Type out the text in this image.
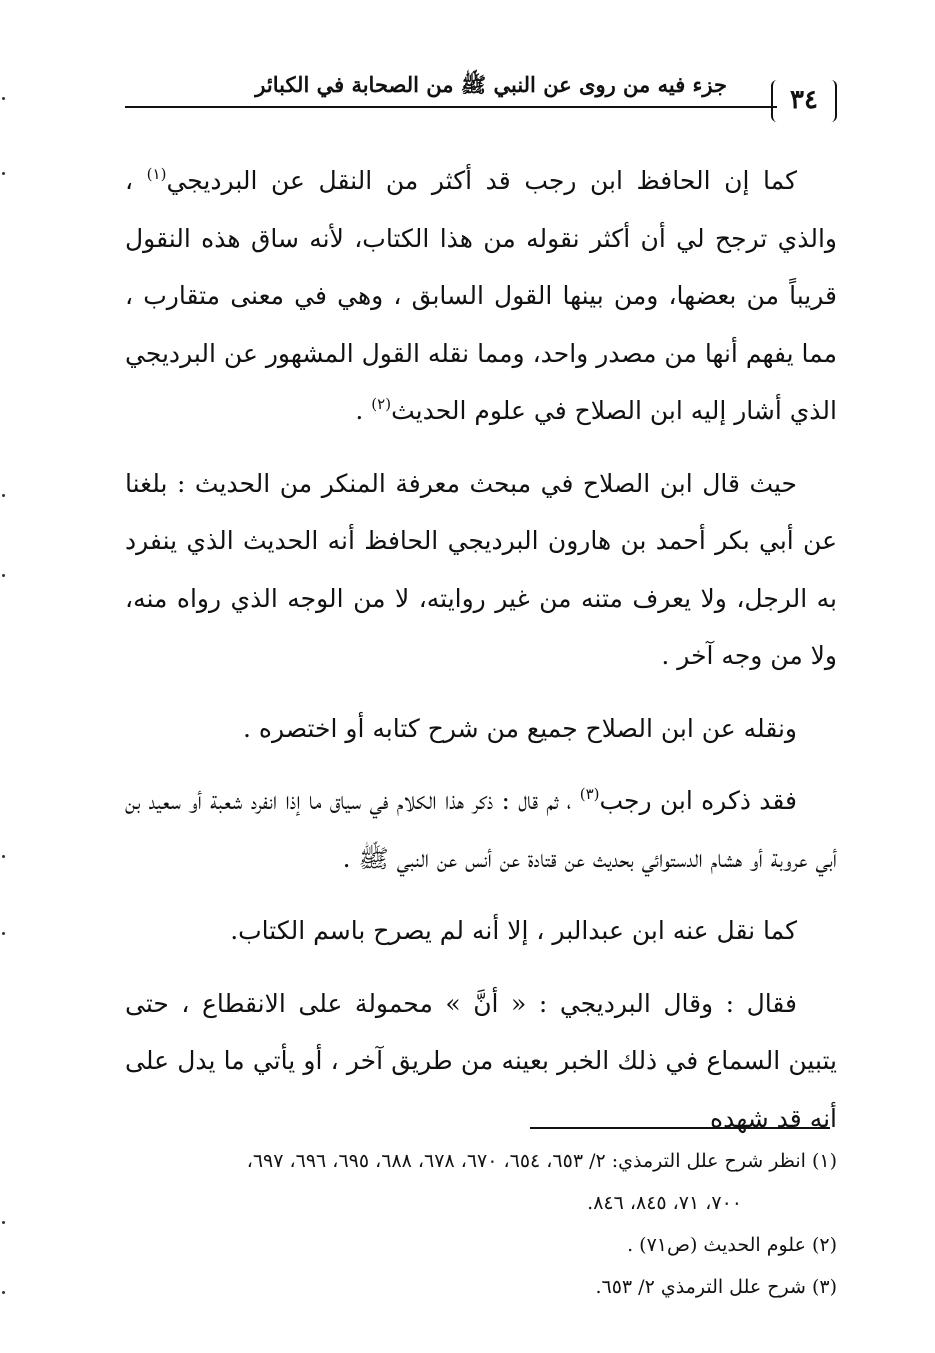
٣٤
جزء فيه من روى عن النبي ﷺ من الصحابة في الكبائر

كما إن الحافظ ابن رجب قد أكثر من النقل عن البرديجي$^{(١)}$ ، والذي ترجح لي أن أكثر نقوله من هذا الكتاب، لأنه ساق هذه النقول قريباً من بعضها، ومن بينها القول السابق ، وهي في معنى متقارب ، مما يفهم أنها من مصدر واحد، ومما نقله القول المشهور عن البرديجي الذي أشار إليه ابن الصلاح في علوم الحديث$^{(٢)}$ .

حيث قال ابن الصلاح في مبحث معرفة المنكر من الحديث : بلغنا عن أبي بكر أحمد بن هارون البرديجي الحافظ أنه الحديث الذي ينفرد به الرجل، ولا يعرف متنه من غير روايته، لا من الوجه الذي رواه منه، ولا من وجه آخر .

ونقله عن ابن الصلاح جميع من شرح كتابه أو اختصره .

فقد ذكره ابن رجب$^{(٣)}$ ، ثم قال : ذكر هذا الكلام في سياق ما إذا انفرد شعبة أو سعيد بن أبي عروبة أو هشام الدستوائي بحديث عن قتادة عن أنس عن النبي ﷺ .

كما نقل عنه ابن عبدالبر ، إلا أنه لم يصرح باسم الكتاب.

فقال : وقال البرديجي : « أنَّ » محمولة على الانقطاع ، حتى يتبين السماع في ذلك الخبر بعينه من طريق آخر ، أو يأتي ما يدل على أنه قد شهده

(١) انظر شرح علل الترمذي: ٢/ ٦٥٣، ٦٥٤، ٦٧٠، ٦٧٨، ٦٨٨، ٦٩٥، ٦٩٦، ٦٩٧،
٧٠٠، ٧١، ٨٤٥، ٨٤٦.

(٢) علوم الحديث (ص٧١) .

(٣) شرح علل الترمذي ٢/ ٦٥٣.
